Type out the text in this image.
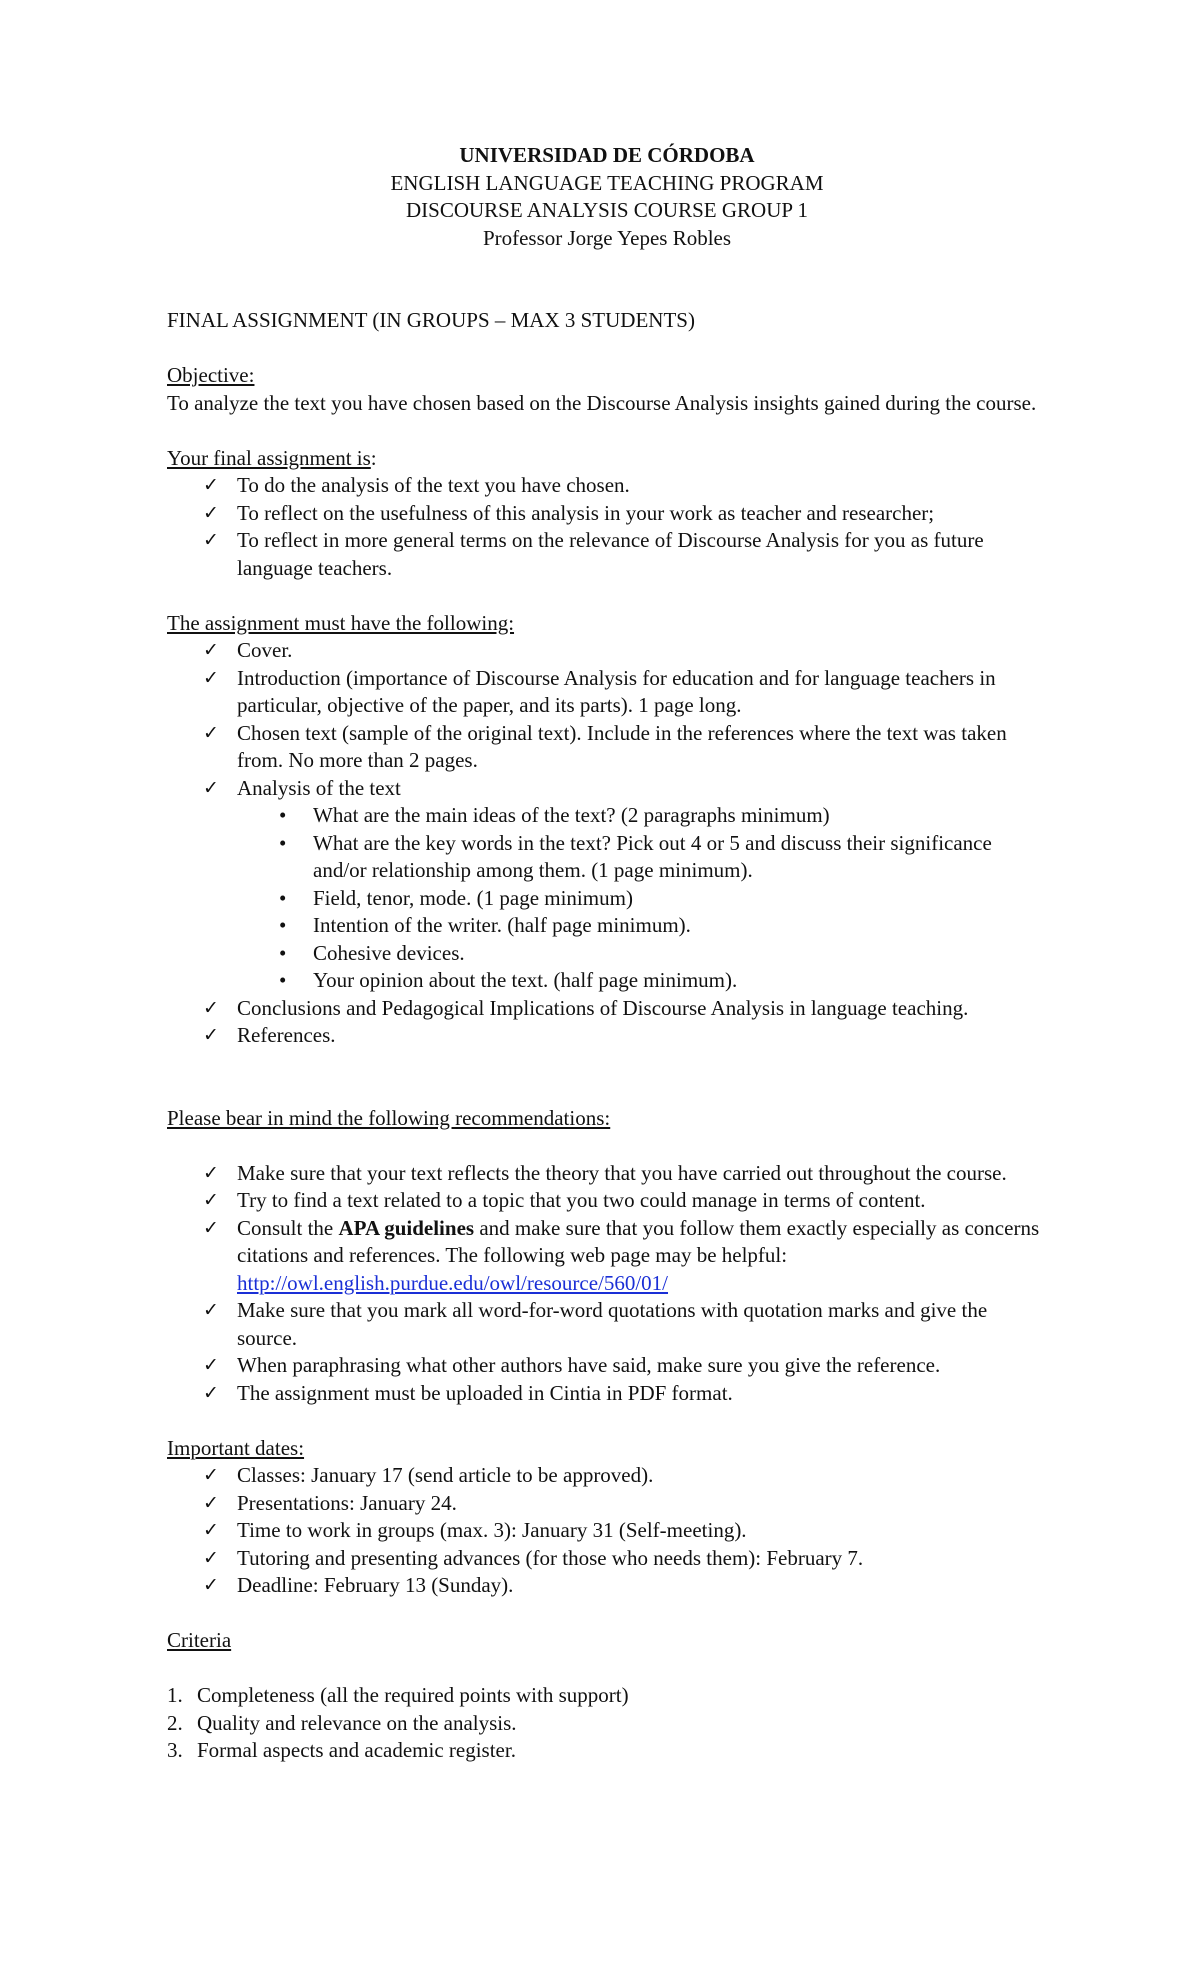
UNIVERSIDAD DE CÓRDOBA
ENGLISH LANGUAGE TEACHING PROGRAM
DISCOURSE ANALYSIS COURSE GROUP 1
Professor Jorge Yepes Robles
FINAL ASSIGNMENT (IN GROUPS – MAX 3 STUDENTS)
Objective:
To analyze the text you have chosen based on the Discourse Analysis insights gained during the course.
Your final assignment is:
✓ To do the analysis of the text you have chosen.
✓ To reflect on the usefulness of this analysis in your work as teacher and researcher;
✓ To reflect in more general terms on the relevance of Discourse Analysis for you as future language teachers.
The assignment must have the following:
✓ Cover.
✓ Introduction (importance of Discourse Analysis for education and for language teachers in particular, objective of the paper, and its parts). 1 page long.
✓ Chosen text (sample of the original text). Include in the references where the text was taken from. No more than 2 pages.
✓ Analysis of the text
• What are the main ideas of the text? (2 paragraphs minimum)
• What are the key words in the text? Pick out 4 or 5 and discuss their significance and/or relationship among them. (1 page minimum).
• Field, tenor, mode. (1 page minimum)
• Intention of the writer. (half page minimum).
• Cohesive devices.
• Your opinion about the text. (half page minimum).
✓ Conclusions and Pedagogical Implications of Discourse Analysis in language teaching.
✓ References.
Please bear in mind the following recommendations:
✓ Make sure that your text reflects the theory that you have carried out throughout the course.
✓ Try to find a text related to a topic that you two could manage in terms of content.
✓ Consult the APA guidelines and make sure that you follow them exactly especially as concerns citations and references. The following web page may be helpful:
http://owl.english.purdue.edu/owl/resource/560/01/
✓ Make sure that you mark all word-for-word quotations with quotation marks and give the source.
✓ When paraphrasing what other authors have said, make sure you give the reference.
✓ The assignment must be uploaded in Cintia in PDF format.
Important dates:
✓ Classes: January 17 (send article to be approved).
✓ Presentations: January 24.
✓ Time to work in groups (max. 3): January 31 (Self-meeting).
✓ Tutoring and presenting advances (for those who needs them): February 7.
✓ Deadline: February 13 (Sunday).
Criteria
1. Completeness (all the required points with support)
2. Quality and relevance on the analysis.
3. Formal aspects and academic register.
